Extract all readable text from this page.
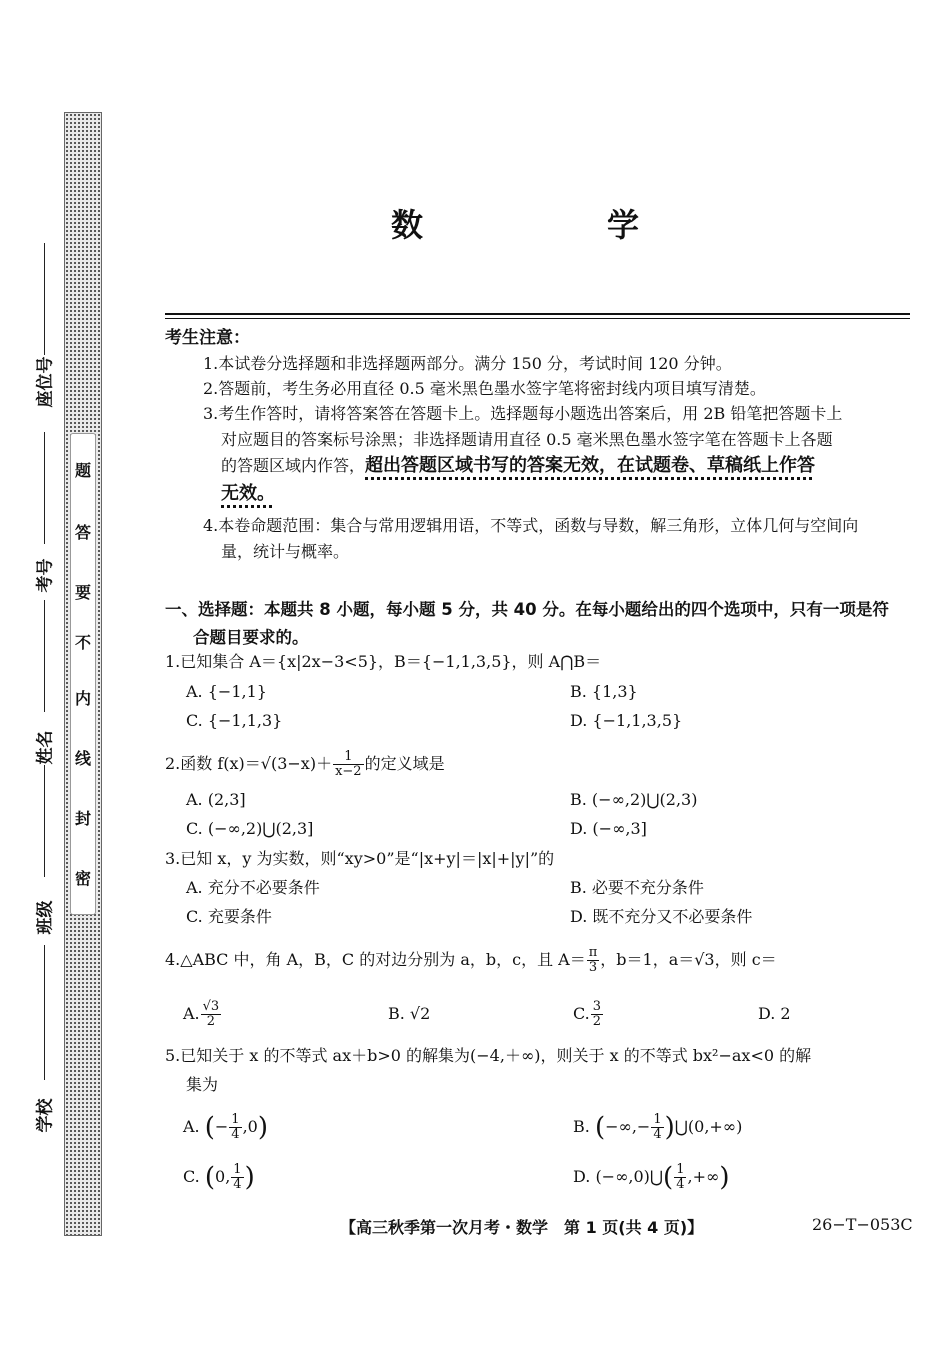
题
答
要
不
内
线
封
密
座位号
考号
姓名
班级
学校
数　　学
考生注意：
1.本试卷分选择题和非选择题两部分。满分 150 分，考试时间 120 分钟。
2.答题前，考生务必用直径 0.5 毫米黑色墨水签字笔将密封线内项目填写清楚。
3.考生作答时，请将答案答在答题卡上。选择题每小题选出答案后，用 2B 铅笔把答题卡上
对应题目的答案标号涂黑；非选择题请用直径 0.5 毫米黑色墨水签字笔在答题卡上各题
的答题区域内作答，超出答题区域书写的答案无效，在试题卷、草稿纸上作答
无效。
4.本卷命题范围：集合与常用逻辑用语，不等式，函数与导数，解三角形，立体几何与空间向
量，统计与概率。
一、选择题：本题共 8 小题，每小题 5 分，共 40 分。在每小题给出的四个选项中，只有一项是符
合题目要求的。
1.已知集合 A＝{x|2x−3<5}，B＝{−1,1,3,5}，则 A⋂B＝
A. {−1,1}	B. {1,3}
C. {−1,1,3}	D. {−1,1,3,5}
2.函数 $f(x)=√(3-x)+ \frac{1}{x-2}$ 的定义域是
A. (2,3]	B. (−∞,2)⋃(2,3)
C. (−∞,2)⋃(2,3]	D. (−∞,3]
3.已知 x，y 为实数，则“xy>0”是“|x+y|＝|x|+|y|”的
A. 充分不必要条件	B. 必要不充分条件
C. 充要条件	D. 既不充分又不必要条件
4.△ABC 中，角 A，B，C 的对边分别为 a，b，c，且 $A= \frac{\pi}{3}$ ，b＝1，a＝√3，则 c＝
A. $\frac{√3}{2}$	B. √2	C. $\frac{3}{2}$	D. 2
5.已知关于 x 的不等式 ax＋b>0 的解集为(−4,＋∞)，则关于 x 的不等式 bx²−ax<0 的解
集为
A. (− $\frac{1}{4} ,0$)	B. (−∞,− $\frac{1}{4}$ )⋃(0,+∞)
C. (0, $\frac{1}{4}$ )	D. (−∞,0)⋃( $\frac{1}{4}$ ,+∞)
【高三秋季第一次月考・数学　第 1 页(共 4 页)】	26−T−053C
